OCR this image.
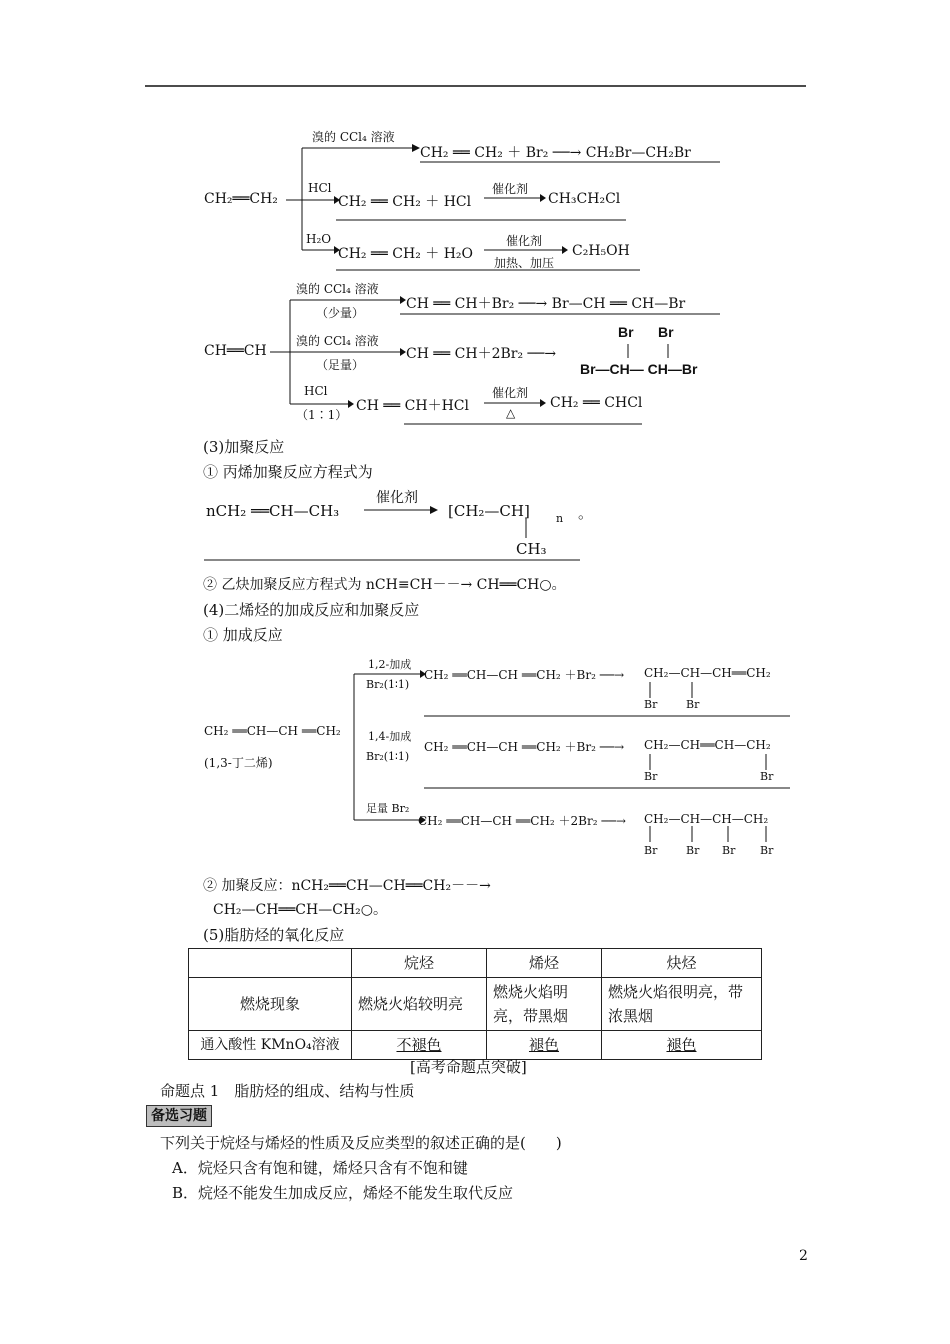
CH₂══CH₂
溴的 CCl₄ 溶液
CH₂ ══ CH₂ ＋ Br₂ ──→ CH₂Br—CH₂Br
HCl
CH₂ ══ CH₂ ＋ HCl
催化剂
CH₃CH₂Cl
H₂O
CH₂ ══ CH₂ ＋ H₂O
催化剂
加热、加压
C₂H₅OH
CH══CH
溴的 CCl₄ 溶液
（少量）
CH ══ CH＋Br₂ ──→ Br—CH ══ CH—Br
溴的 CCl₄ 溶液
（足量）
CH ══ CH＋2Br₂ ──→
Br Br
Br—CH— CH—Br
HCl
（1∶1）
CH ══ CH＋HCl
催化剂
△
CH₂ ══ CHCl
(3)加聚反应
① 丙烯加聚反应方程式为
nCH₂ ══CH—CH₃
催化剂
[CH₂—CH] n 。
CH₃
② 乙炔加聚反应方程式为 nCH≡CH－－→ CH══CH○。
(4)二烯烃的加成反应和加聚反应
① 加成反应
CH₂ ══CH—CH ══CH₂
(1,3-丁二烯)
1,2-加成
Br₂(1∶1)
CH₂ ══CH—CH ══CH₂ ＋Br₂ ──→ CH₂—CH—CH══CH₂
Br	Br
1,4-加成
Br₂(1∶1)
CH₂ ══CH—CH ══CH₂ ＋Br₂ ──→ CH₂—CH══CH—CH₂
Br	Br
足量 Br₂
CH₂ ══CH—CH ══CH₂ ＋2Br₂ ──→ CH₂—CH—CH—CH₂
Br	Br Br Br
② 加聚反应：nCH₂══CH—CH══CH₂－－→
CH₂—CH══CH—CH₂○。
(5)脂肪烃的氧化反应
	烷烃	烯烃	炔烃
燃烧现象	燃烧火焰较明亮	燃烧火焰明亮，带黑烟	燃烧火焰很明亮，带浓黑烟
通入酸性 KMnO₄溶液	不褪色	褪色	褪色
[高考命题点突破]
命题点 1　脂肪烃的组成、结构与性质
备选习题
下列关于烷烃与烯烃的性质及反应类型的叙述正确的是(　　)
A．烷烃只含有饱和键，烯烃只含有不饱和键
B．烷烃不能发生加成反应，烯烃不能发生取代反应
2
